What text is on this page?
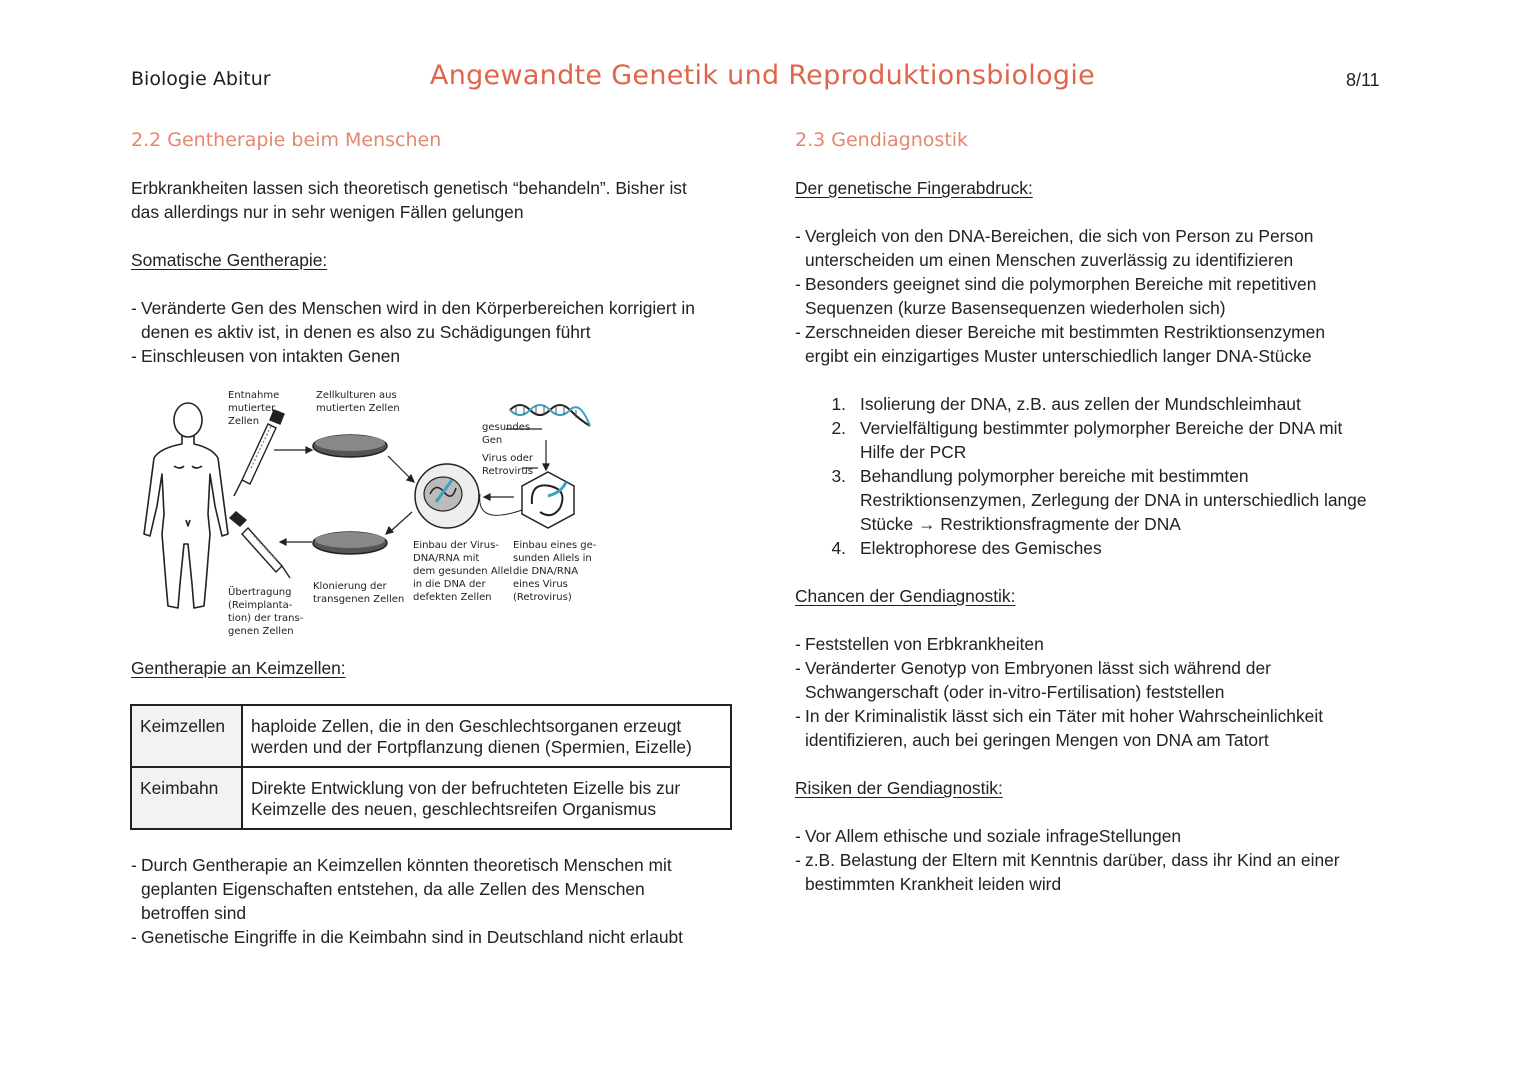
Biologie Abitur	Angewandte Genetik und Reproduktionsbiologie	8/11
2.2 Gentherapie beim Menschen
Erbkrankheiten lassen sich theoretisch genetisch “behandeln”. Bisher ist
das allerdings nur in sehr wenigen Fällen gelungen
Somatische Gentherapie:
- Veränderte Gen des Menschen wird in den Körperbereichen korrigiert in
denen es aktiv ist, in denen es also zu Schädigungen führt
- Einschleusen von intakten Genen
Entnahme mutierter Zellen
Zellkulturen aus mutierten Zellen
gesundes Gen
Virus oder Retrovirus
Einbau der Virus- DNA/RNA mit dem gesunden Allel in die DNA der defekten Zellen
Einbau eines ge- sunden Allels in die DNA/RNA eines Virus (Retrovirus)
Klonierung der transgenen Zellen
Übertragung (Reimplanta- tion) der trans- genen Zellen
Gentherapie an Keimzellen:
Keimzellen	haploide Zellen, die in den Geschlechtsorganen erzeugt
werden und der Fortpflanzung dienen (Spermien, Eizelle)

Keimbahn	Direkte Entwicklung von der befruchteten Eizelle bis zur
Keimzelle des neuen, geschlechtsreifen Organismus
- Durch Gentherapie an Keimzellen könnten theoretisch Menschen mit
geplanten Eigenschaften entstehen, da alle Zellen des Menschen
betroffen sind
- Genetische Eingriffe in die Keimbahn sind in Deutschland nicht erlaubt
2.3 Gendiagnostik
Der genetische Fingerabdruck:
- Vergleich von den DNA-Bereichen, die sich von Person zu Person
unterscheiden um einen Menschen zuverlässig zu identifizieren
- Besonders geeignet sind die polymorphen Bereiche mit repetitiven
Sequenzen (kurze Basensequenzen wiederholen sich)
- Zerschneiden dieser Bereiche mit bestimmten Restriktionsenzymen
ergibt ein einzigartiges Muster unterschiedlich langer DNA-Stücke
1. Isolierung der DNA, z.B. aus zellen der Mundschleimhaut
2. Vervielfältigung bestimmter polymorpher Bereiche der DNA mit
Hilfe der PCR
3. Behandlung polymorpher bereiche mit bestimmten
Restriktionsenzymen, Zerlegung der DNA in unterschiedlich lange
Stücke → Restriktionsfragmente der DNA
4. Elektrophorese des Gemisches
Chancen der Gendiagnostik:
- Feststellen von Erbkrankheiten
- Veränderter Genotyp von Embryonen lässt sich während der
Schwangerschaft (oder in-vitro-Fertilisation) feststellen
- In der Kriminalistik lässt sich ein Täter mit hoher Wahrscheinlichkeit
identifizieren, auch bei geringen Mengen von DNA am Tatort
Risiken der Gendiagnostik:
- Vor Allem ethische und soziale infrageStellungen
- z.B. Belastung der Eltern mit Kenntnis darüber, dass ihr Kind an einer
bestimmten Krankheit leiden wird
